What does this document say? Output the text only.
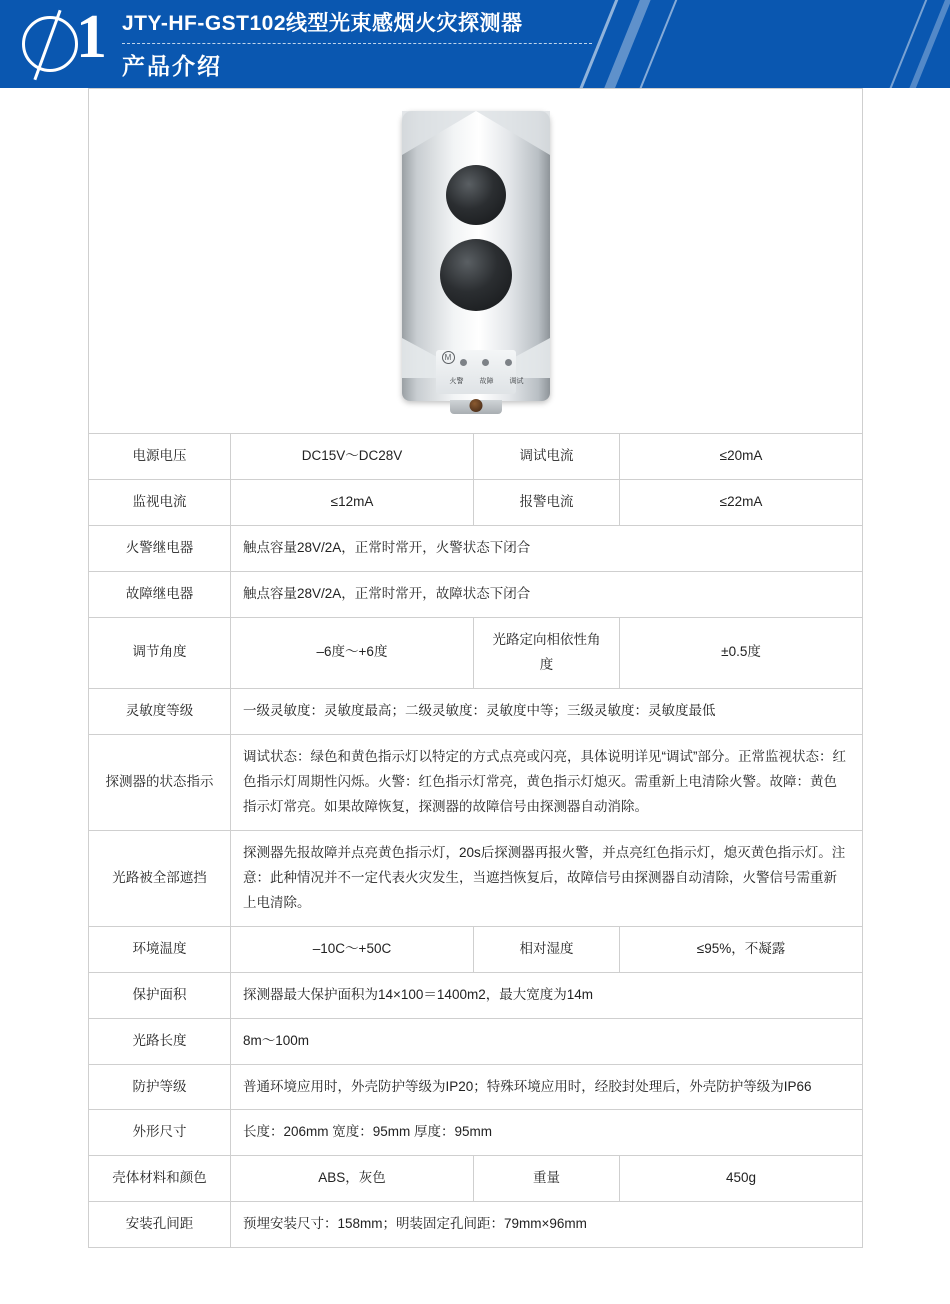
1 JTY-HF-GST102线型光束感烟火灾探测器
产品介绍
M
火警 故障 调试
电源电压	DC15V～DC28V	调试电流	≤20mA
监视电流	≤12mA	报警电流	≤22mA
火警继电器	触点容量28V/2A，正常时常开，火警状态下闭合		
故障继电器	触点容量28V/2A，正常时常开，故障状态下闭合		
调节角度	–6度～+6度	光路定向相依性角度	±0.5度
灵敏度等级	一级灵敏度：灵敏度最高；二级灵敏度：灵敏度中等；三级灵敏度：灵敏度最低		
探测器的状态指示	调试状态：绿色和黄色指示灯以特定的方式点亮或闪亮，具体说明详见“调试”部分。正常监视状态：红色指示灯周期性闪烁。火警：红色指示灯常亮，黄色指示灯熄灭。需重新上电清除火警。故障：黄色指示灯常亮。如果故障恢复，探测器的故障信号由探测器自动消除。		
光路被全部遮挡	探测器先报故障并点亮黄色指示灯，20s后探测器再报火警，并点亮红色指示灯，熄灭黄色指示灯。注意：此种情况并不一定代表火灾发生，当遮挡恢复后，故障信号由探测器自动清除，火警信号需重新上电清除。		
环境温度	–10C～+50C	相对湿度	≤95%，不凝露
保护面积	探测器最大保护面积为14×100＝1400m2，最大宽度为14m		
光路长度	8m～100m		
防护等级	普通环境应用时，外壳防护等级为IP20；特殊环境应用时，经胶封处理后，外壳防护等级为IP66		
外形尺寸	长度：206mm 宽度：95mm 厚度：95mm		
壳体材料和颜色	ABS，灰色	重量	450g
安装孔间距	预埋安装尺寸：158mm；明装固定孔间距：79mm×96mm		
